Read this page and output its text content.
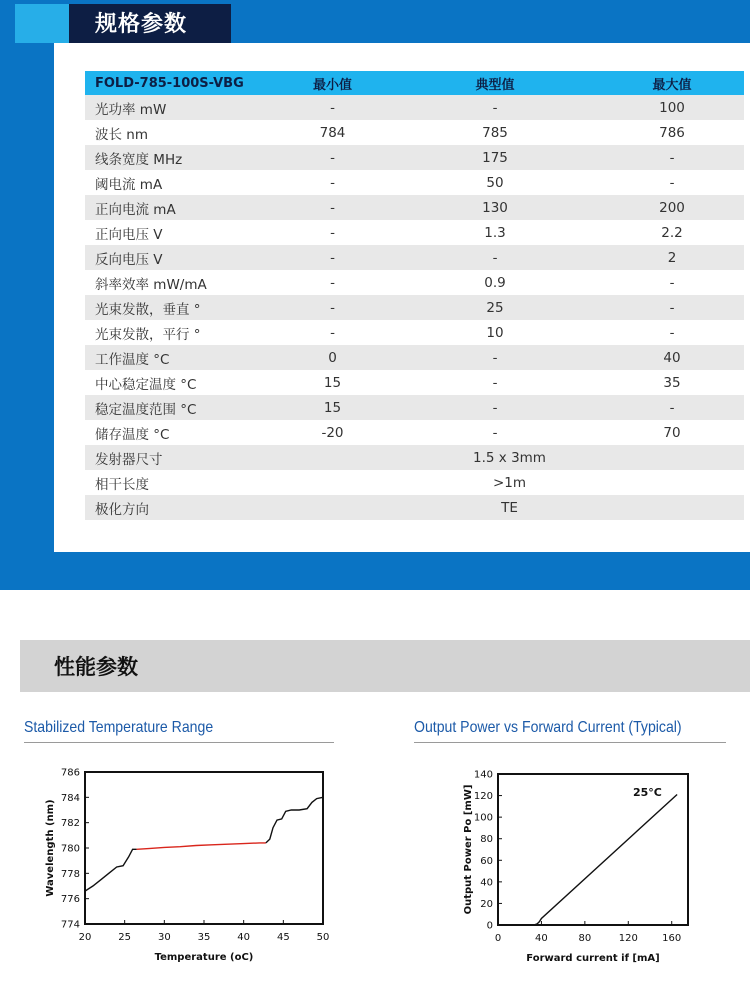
规格参数
FOLD-785-100S-VBG	最小值	典型值	最大值
光功率 mW	-	-	100
波长 nm	784	785	786
线条宽度 MHz	-	175	-
阈电流 mA	-	50	-
正向电流 mA	-	130	200
正向电压 V	-	1.3	2.2
反向电压 V	-	-	2
斜率效率 mW/mA	-	0.9	-
光束发散，垂直 °	-	25	-
光束发散，平行 °	-	10	-
工作温度 °C	0	-	40
中心稳定温度 °C	15	-	35
稳定温度范围 °C	15	-	-
储存温度 °C	-20	-	70
发射器尺寸	1.5 x 3mm		
相干长度	>1m		
极化方向	TE		
性能参数
Stabilized Temperature Range	Output Power vs Forward Current (Typical)
20	25	30	35	40	45	50
774
776
778
780
782
784
786
Temperature (oC)
Wavelength (nm)
0	40	80	120 160
0
20
40
60
80
100
120
140
Forward current if [mA]
Output Power Po [mW]	25°C
